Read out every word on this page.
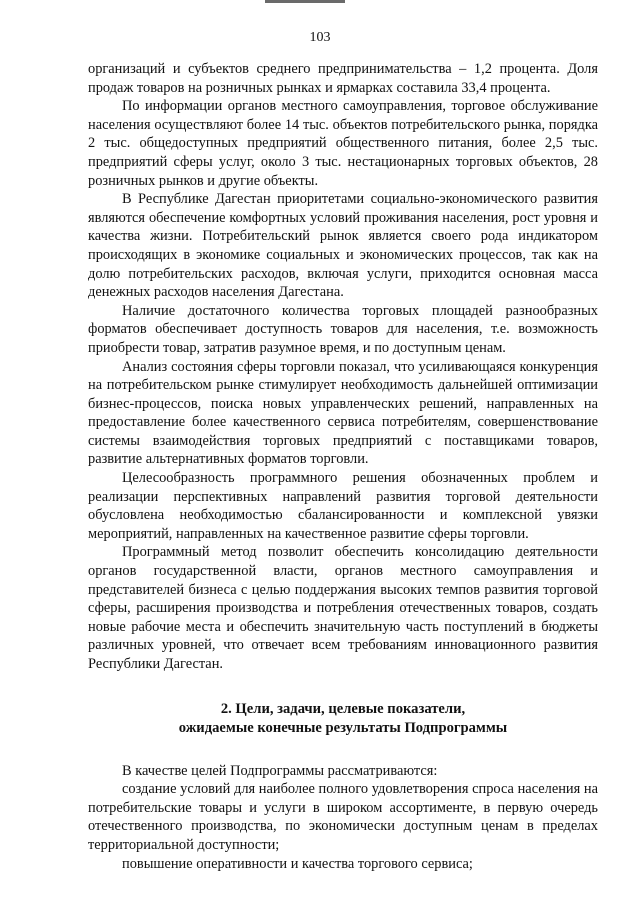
103

организаций и субъектов среднего предпринимательства – 1,2 процента. Доля продаж товаров на розничных рынках и ярмарках составила 33,4 процента.

По информации органов местного самоуправления, торговое обслуживание населения осуществляют более 14 тыс. объектов потребительского рынка, порядка 2 тыс. общедоступных предприятий общественного питания, более 2,5 тыс. предприятий сферы услуг, около 3 тыс. нестационарных торговых объектов, 28 розничных рынков и другие объекты.

В Республике Дагестан приоритетами социально-экономического развития являются обеспечение комфортных условий проживания населения, рост уровня и качества жизни. Потребительский рынок является своего рода индикатором происходящих в экономике социальных и экономических процессов, так как на долю потребительских расходов, включая услуги, приходится основная масса денежных расходов населения Дагестана.

Наличие достаточного количества торговых площадей разнообразных форматов обеспечивает доступность товаров для населения, т.е. возможность приобрести товар, затратив разумное время, и по доступным ценам.

Анализ состояния сферы торговли показал, что усиливающаяся конкуренция на потребительском рынке стимулирует необходимость дальнейшей оптимизации бизнес-процессов, поиска новых управленческих решений, направленных на предоставление более качественного сервиса потребителям, совершенствование системы взаимодействия торговых предприятий с поставщиками товаров, развитие альтернативных форматов торговли.

Целесообразность программного решения обозначенных проблем и реализации перспективных направлений развития торговой деятельности обусловлена необходимостью сбалансированности и комплексной увязки мероприятий, направленных на качественное развитие сферы торговли.

Программный метод позволит обеспечить консолидацию деятельности органов государственной власти, органов местного самоуправления и представителей бизнеса с целью поддержания высоких темпов развития торговой сферы, расширения производства и потребления отечественных товаров, создать новые рабочие места и обеспечить значительную часть поступлений в бюджеты различных уровней, что отвечает всем требованиям инновационного развития Республики Дагестан.

2. Цели, задачи, целевые показатели,
ожидаемые конечные результаты Подпрограммы

В качестве целей Подпрограммы рассматриваются:

создание условий для наиболее полного удовлетворения спроса населения на потребительские товары и услуги в широком ассортименте, в первую очередь отечественного производства, по экономически доступным ценам в пределах территориальной доступности;

повышение оперативности и качества торгового сервиса;
